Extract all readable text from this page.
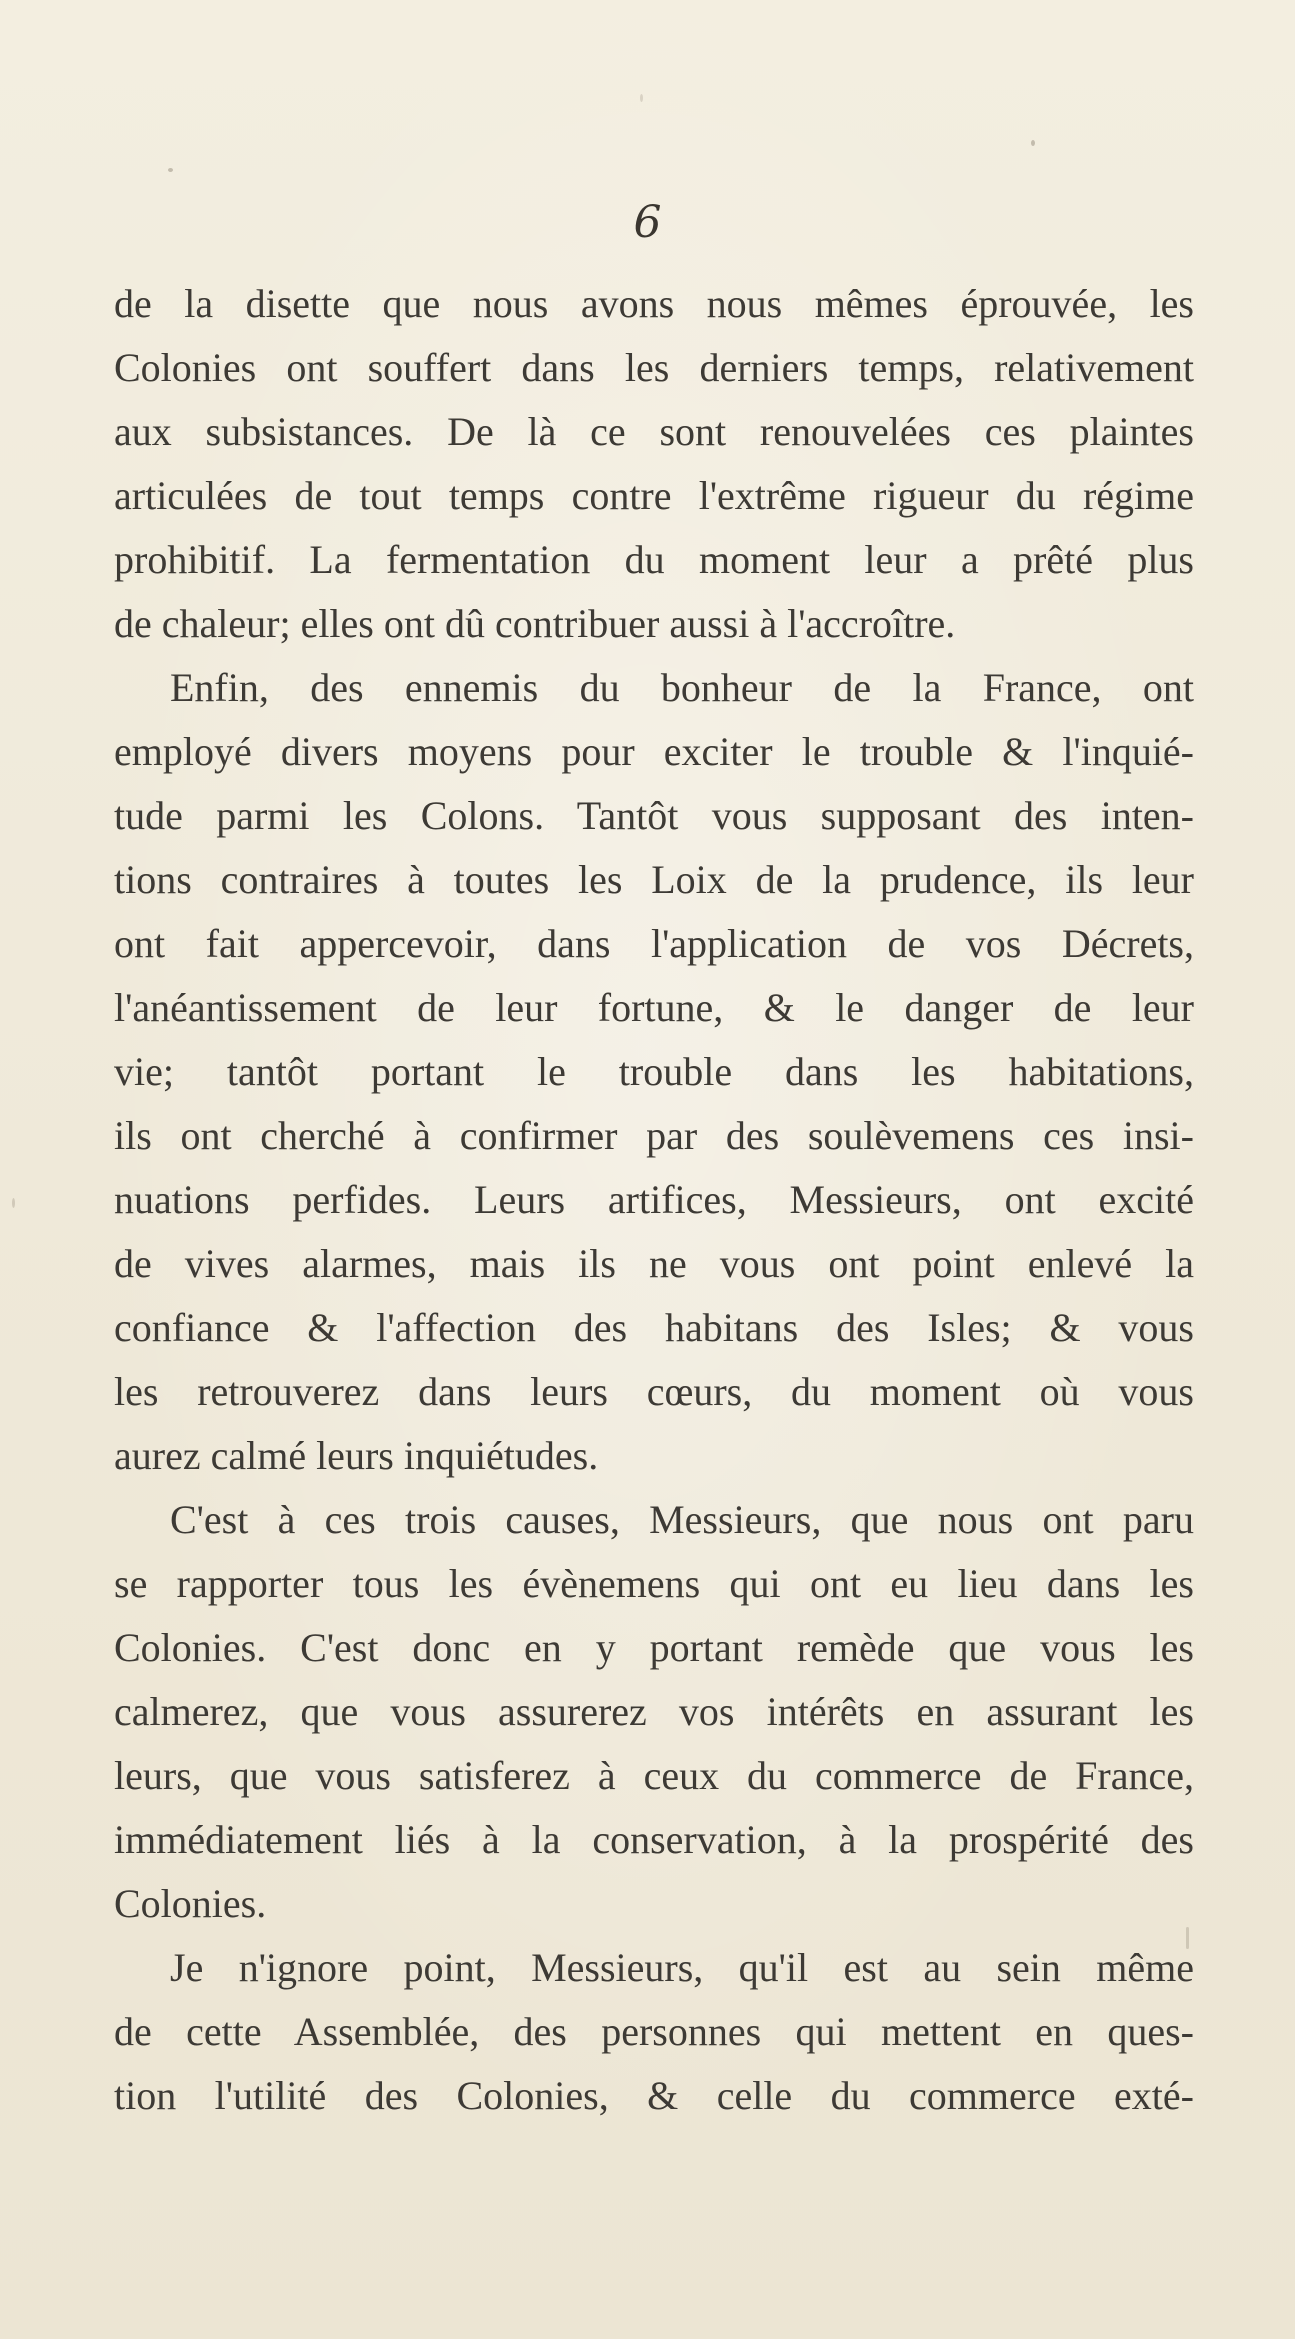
6

de la disette que nous avons nous mêmes éprouvée, les
Colonies ont souffert dans les derniers temps, relativement
aux subsistances. De là ce sont renouvelées ces plaintes
articulées de tout temps contre l'extrême rigueur du régime
prohibitif. La fermentation du moment leur a prêté plus
de chaleur; elles ont dû contribuer aussi à l'accroître.

Enfin, des ennemis du bonheur de la France, ont
employé divers moyens pour exciter le trouble & l'inquié-
tude parmi les Colons. Tantôt vous supposant des inten-
tions contraires à toutes les Loix de la prudence, ils leur
ont fait appercevoir, dans l'application de vos Décrets,
l'anéantissement de leur fortune, & le danger de leur
vie; tantôt portant le trouble dans les habitations,
ils ont cherché à confirmer par des soulèvemens ces insi-
nuations perfides. Leurs artifices, Messieurs, ont excité
de vives alarmes, mais ils ne vous ont point enlevé la
confiance & l'affection des habitans des Isles; & vous
les retrouverez dans leurs cœurs, du moment où vous
aurez calmé leurs inquiétudes.

C'est à ces trois causes, Messieurs, que nous ont paru
se rapporter tous les évènemens qui ont eu lieu dans les
Colonies. C'est donc en y portant remède que vous les
calmerez, que vous assurerez vos intérêts en assurant les
leurs, que vous satisferez à ceux du commerce de France,
immédiatement liés à la conservation, à la prospérité des
Colonies.

Je n'ignore point, Messieurs, qu'il est au sein même
de cette Assemblée, des personnes qui mettent en ques-
tion l'utilité des Colonies, & celle du commerce exté-
